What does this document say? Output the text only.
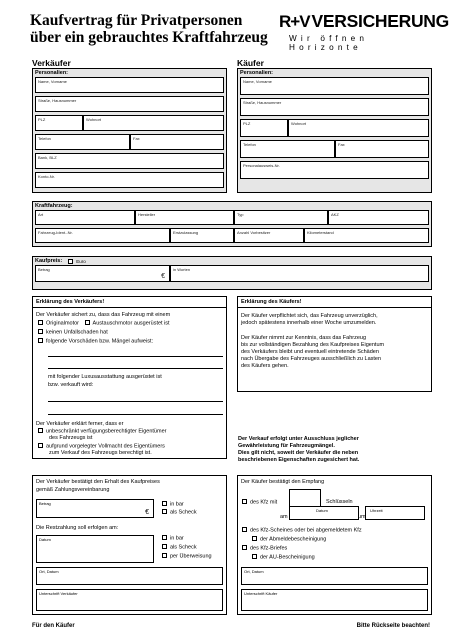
Kaufvertrag für Privatpersonen
über ein gebrauchtes Kraftfahrzeug
R+V VERSICHERUNG
Wir öffnen Horizonte
Verkäufer	Käufer
Personalien:
Name, Vorname
Straße, Hausnummer
PLZ	Wohnort
Telefon	Fax
Bank, BLZ
Konto-Nr.
Personalien:
Name, Vorname
Straße, Hausnummer
PLZ	Wohnort
Telefon	Fax
Personalausweis-Nr.
Kraftfahrzeug:
Art	Hersteller	Typ	AKZ
Fahrzeug-Ident.-Nr.	Erstzulassung	Anzahl Vorbesitzer	Kilometerstand
Kaufpreis:	Euro
Betrag
€
in Worten
Erklärung des Verkäufers!
Der Verkäufer sichert zu, dass das Fahrzeug mit einem
Originalmotor Austauschmotor ausgerüstet ist
keinen Unfallschaden hat
folgende Vorschäden bzw. Mängel aufweist:
mit folgender Luxusausstattung ausgerüstet ist
bzw. verkauft wird:
Der Verkäufer erklärt ferner, dass er
unbeschränkt verfügungsberechtigter Eigentümer
des Fahrzeugs ist
aufgrund vorgelegter Vollmacht des Eigentümers
zum Verkauf des Fahrzeugs berechtigt ist.
Erklärung des Käufers!
Der Käufer verpflichtet sich, das Fahrzeug unverzüglich,
jedoch spätestens innerhalb einer Woche umzumelden.
Der Käufer nimmt zur Kenntnis, dass das Fahrzeug
bis zur vollständigen Bezahlung des Kaufpreises Eigentum
des Verkäufers bleibt und eventuell eintretende Schäden
nach Übergabe des Fahrzeuges ausschließlich zu Lasten
des Käufers gehen.
Der Verkauf erfolgt unter Ausschluss jeglicher
Gewährleistung für Fahrzeugmängel.
Dies gilt nicht, soweit der Verkäufer die neben
beschriebenen Eigenschaften zugesichert hat.
Der Verkäufer bestätigt den Erhalt des Kaufpreises
gemäß Zahlungsvereinbarung
Betrag
€
in bar
als Scheck
Die Restzahlung soll erfolgen am:
Datum	in bar
als Scheck
per Überweisung
Ort, Datum
Unterschrift Verkäufer
Der Käufer bestätigt den Empfang
des Kfz mit	Schlüsseln
Datum	Uhrzeit
am	um
des Kfz-Scheines oder bei abgemeldetem Kfz
der Abmeldebescheinigung
des Kfz-Briefes
der AU-Bescheinigung
Ort, Datum
Unterschrift Käufer
Für den Käufer	Bitte Rückseite beachten!
